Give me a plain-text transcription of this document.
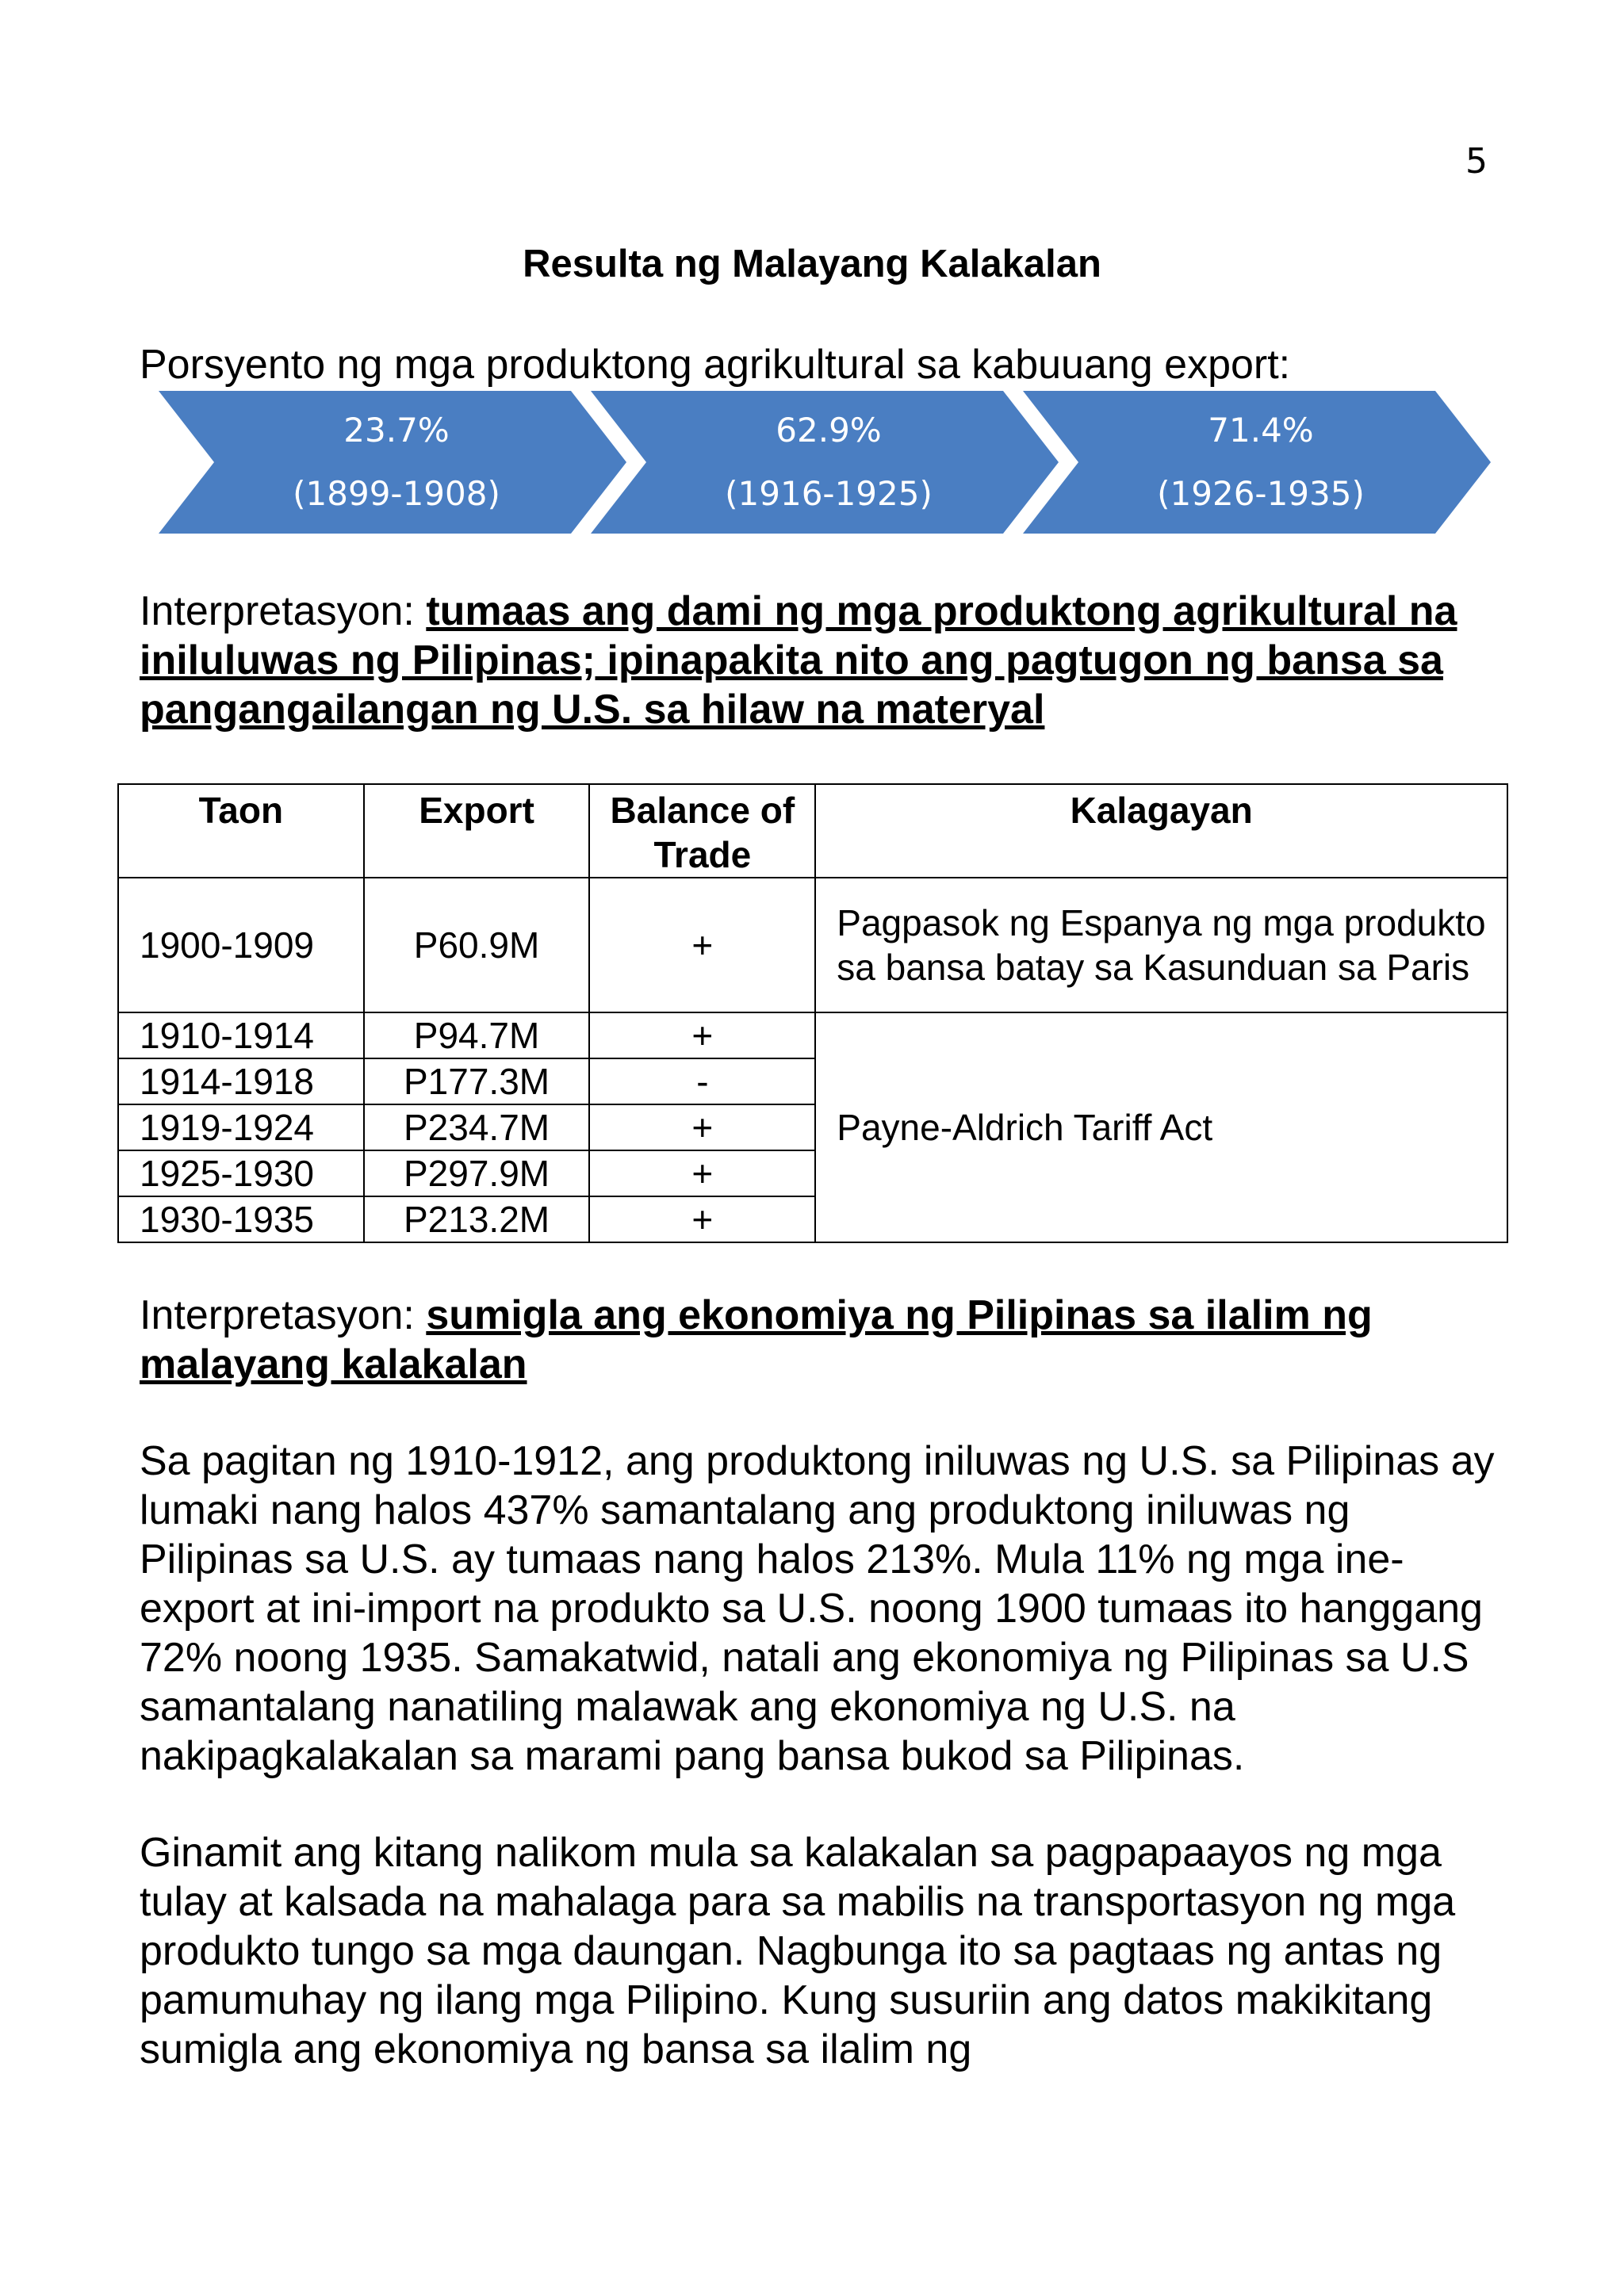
5
Resulta ng Malayang Kalakalan
Porsyento ng mga produktong agrikultural sa kabuuang export:
23.7%
(1899-1908)
62.9%
(1916-1925)
71.4%
(1926-1935)
Interpretasyon: tumaas ang dami ng mga produktong agrikultural na iniluluwas ng Pilipinas; ipinapakita nito ang pagtugon ng bansa sa pangangailangan ng U.S. sa hilaw na materyal
Taon	Export	Balance of Trade	Kalagayan
1900-1909	P60.9M	+	Pagpasok ng Espanya ng mga produkto sa bansa batay sa Kasunduan sa Paris
1910-1914	P94.7M	+	Payne-Aldrich Tariff Act
1914-1918	P177.3M	-	
1919-1924	P234.7M	+	
1925-1930	P297.9M	+	
1930-1935	P213.2M	+	
Interpretasyon: sumigla ang ekonomiya ng Pilipinas sa ilalim ng malayang kalakalan
Sa pagitan ng 1910-1912, ang produktong iniluwas ng U.S. sa Pilipinas ay lumaki nang halos 437% samantalang ang produktong iniluwas ng Pilipinas sa U.S. ay tumaas nang halos 213%. Mula 11% ng mga ine-export at ini-import na produkto sa U.S. noong 1900 tumaas ito hanggang 72% noong 1935. Samakatwid, natali ang ekonomiya ng Pilipinas sa U.S samantalang nanatiling malawak ang ekonomiya ng U.S. na nakipagkalakalan sa marami pang bansa bukod sa Pilipinas.
Ginamit ang kitang nalikom mula sa kalakalan sa pagpapaayos ng mga tulay at kalsada na mahalaga para sa mabilis na transportasyon ng mga produkto tungo sa mga daungan. Nagbunga ito sa pagtaas ng antas ng pamumuhay ng ilang mga Pilipino. Kung susuriin ang datos makikitang sumigla ang ekonomiya ng bansa sa ilalim ng
